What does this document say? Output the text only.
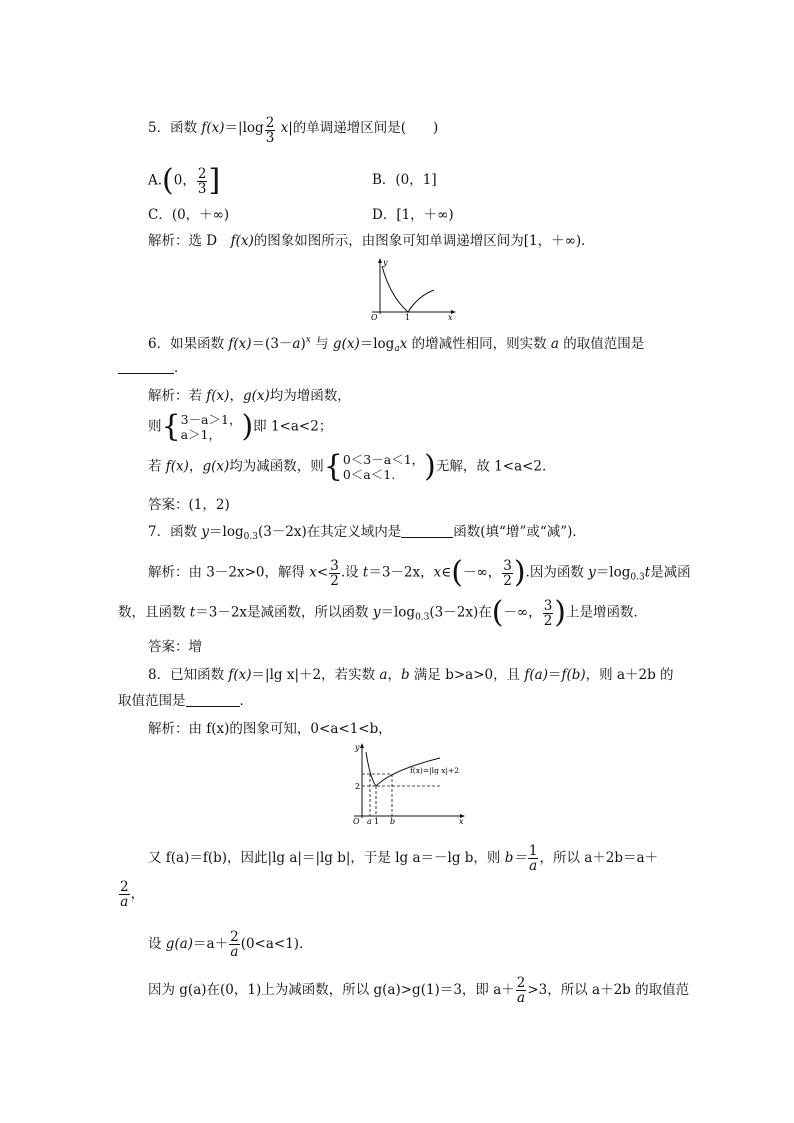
5．函数 $f(x)=|\log \frac{2}{3} x|$的单调递增区间是(　　)
A.(0， $\frac{2}{3}$ ]	B．(0，1]
C．(0，＋∞)	D．[1，＋∞)
解析：选 D　f(x)的图象如图所示，由图象可知单调递增区间为[1，＋∞)．
y
x
O	1
6．如果函数 $f(x)=(3-a)^x$ 与 $g(x)=\log_ax$ 的增减性相同，则实数 a 的取值范围是
．
解析：若 f(x)，g(x)均为增函数，
则{ 3－a＞1，
a＞1， )即 1<a<2；
若 f(x)，g(x)均为减函数，则{ 0＜3－a＜1，
0＜a＜1. )无解，故 1<a<2.
答案：(1，2)
7．函数 $y=\log_{0.3}(3-2x)$在其定义域内是	函数(填“增”或“减”)．
解析：由 3－2x>0，解得 $x< \frac{3}{2}$ .设 t＝3－2x，x∈(－∞， $\frac{3}{2}$ ).因为函数 $y=\log_{0.3}t$是减函
数，且函数 t＝3－2x是减函数，所以函数 $y=\log_{0.3}(3-2x)$在(－∞， $\frac{3}{2}$ )上是增函数．
答案：增
8．已知函数 f(x)＝|lg x|＋2，若实数 a，b 满足 b>a>0，且 f(a)＝f(b)，则 a＋2b 的
取值范围是	．
解析：由 f(x)的图象可知，0<a<1<b，
y
x
O a 1 b
2
f(x)=|lg x|+2
又 f(a)＝f(b)，因此|lg a|＝|lg b|，于是 lg a＝－lg b，则 $b= \frac{1}{a}$ ，所以 a＋2b＝a＋
$\frac{2}{a}$ ，
设 $g(a)=a+ \frac{2}{a} (0<a<1)$．
因为 g(a)在(0，1)上为减函数，所以 g(a)>g(1)＝3，即 $a+ \frac{2}{a} >3$，所以 a＋2b 的取值范
